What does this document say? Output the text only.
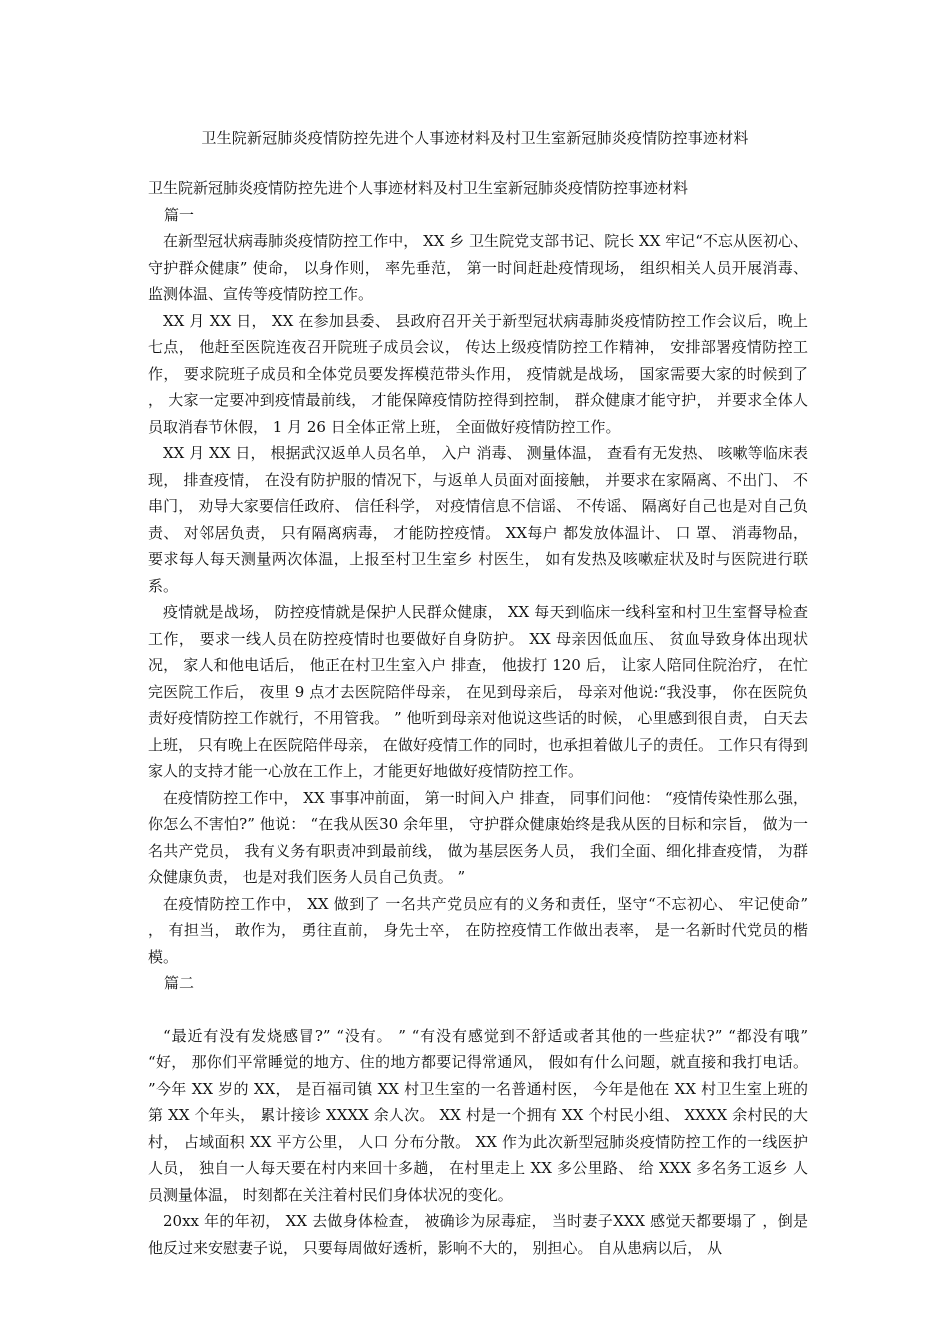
卫生院新冠肺炎疫情防控先进个人事迹材料及村卫生室新冠肺炎疫情防控事迹材料

卫生院新冠肺炎疫情防控先进个人事迹材料及村卫生室新冠肺炎疫情防控事迹材料

篇一

在新型冠状病毒肺炎疫情防控工作中， XX 乡 卫生院党支部书记、院长 XX 牢记“不忘从医初心、 守护群众健康” 使命， 以身作则， 率先垂范， 第一时间赶赴疫情现场， 组织相关人员开展消毒、 监测体温、宣传等疫情防控工作。

XX 月 XX 日， XX 在参加县委、 县政府召开关于新型冠状病毒肺炎疫情防控工作会议后，晚上七点， 他赶至医院连夜召开院班子成员会议， 传达上级疫情防控工作精神， 安排部署疫情防控工作， 要求院班子成员和全体党员要发挥模范带头作用， 疫情就是战场， 国家需要大家的时候到了 ， 大家一定要冲到疫情最前线， 才能保障疫情防控得到控制， 群众健康才能守护， 并要求全体人员取消春节休假， 1 月 26 日全体正常上班， 全面做好疫情防控工作。

XX 月 XX 日， 根据武汉返单人员名单， 入户 消毒、 测量体温， 查看有无发热、 咳嗽等临床表现， 排查疫情， 在没有防护服的情况下，与返单人员面对面接触， 并要求在家隔离、不出门、 不串门， 劝导大家要信任政府、 信任科学， 对疫情信息不信谣、 不传谣、 隔离好自己也是对自己负责、 对邻居负责， 只有隔离病毒， 才能防控疫情。 XX每户 都发放体温计、 口 罩、 消毒物品， 要求每人每天测量两次体温，上报至村卫生室乡 村医生， 如有发热及咳嗽症状及时与医院进行联系。

疫情就是战场， 防控疫情就是保护人民群众健康， XX 每天到临床一线科室和村卫生室督导检查工作， 要求一线人员在防控疫情时也要做好自身防护。 XX 母亲因低血压、 贫血导致身体出现状况， 家人和他电话后， 他正在村卫生室入户 排查， 他拔打 120 后， 让家人陪同住院治疗， 在忙完医院工作后， 夜里 9 点才去医院陪伴母亲， 在见到母亲后， 母亲对他说:“我没事， 你在医院负责好疫情防控工作就行，不用管我。 ” 他听到母亲对他说这些话的时候， 心里感到很自责， 白天去上班， 只有晚上在医院陪伴母亲， 在做好疫情工作的同时，也承担着做儿子的责任。 工作只有得到家人的支持才能一心放在工作上，才能更好地做好疫情防控工作。

在疫情防控工作中， XX 事事冲前面， 第一时间入户 排查， 同事们问他： “疫情传染性那么强， 你怎么不害怕?” 他说： “在我从医30 余年里， 守护群众健康始终是我从医的目标和宗旨， 做为一名共产党员， 我有义务有职责冲到最前线， 做为基层医务人员， 我们全面、细化排查疫情， 为群众健康负责， 也是对我们医务人员自己负责。 ”

在疫情防控工作中， XX 做到了 一名共产党员应有的义务和责任，坚守“不忘初心、 牢记使命” ， 有担当， 敢作为， 勇往直前， 身先士卒， 在防控疫情工作做出表率， 是一名新时代党员的楷模。

篇二

“最近有没有发烧感冒?” “没有。 ” “有没有感觉到不舒适或者其他的一些症状?” “都没有哦” “好， 那你们平常睡觉的地方、住的地方都要记得常通风， 假如有什么问题，就直接和我打电话。 ”今年 XX 岁的 XX， 是百福司镇 XX 村卫生室的一名普通村医， 今年是他在 XX 村卫生室上班的第 XX 个年头， 累计接诊 XXXX 余人次。 XX 村是一个拥有 XX 个村民小组、 XXXX 余村民的大村， 占域面积 XX 平方公里， 人口 分布分散。 XX 作为此次新型冠肺炎疫情防控工作的一线医护人员， 独自一人每天要在村内来回十多趟， 在村里走上 XX 多公里路、 给 XXX 多名务工返乡 人员测量体温， 时刻都在关注着村民们身体状况的变化。

20xx 年的年初， XX 去做身体检查， 被确诊为尿毒症， 当时妻子XXX 感觉天都要塌了 ，倒是他反过来安慰妻子说， 只要每周做好透析，影响不大的， 别担心。 自从患病以后， 从
